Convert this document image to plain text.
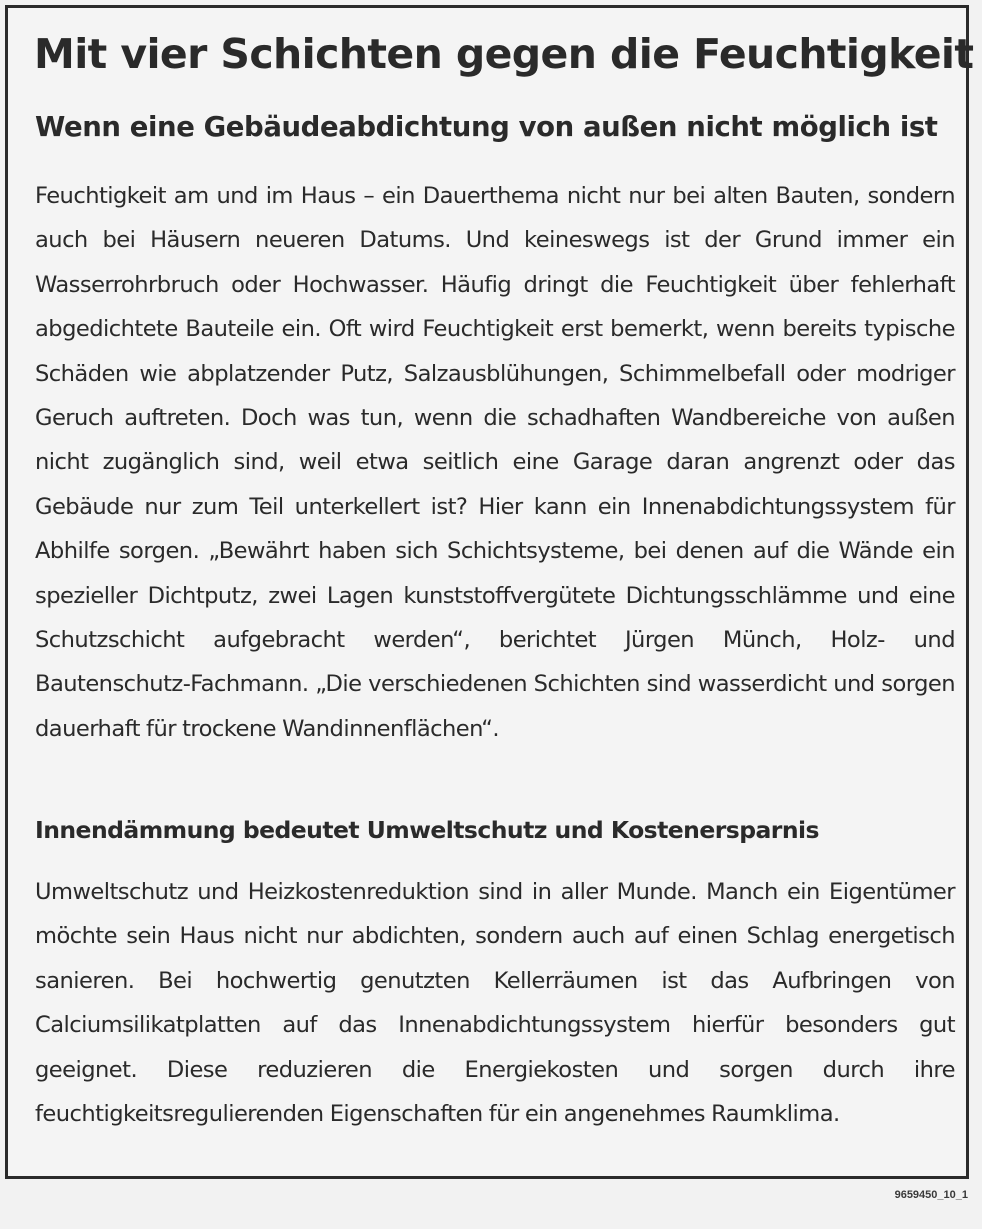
Mit vier Schichten gegen die Feuchtigkeit
Wenn eine Gebäudeabdichtung von außen nicht möglich ist

Feuchtigkeit am und im Haus – ein Dauerthema nicht nur bei alten Bauten, sondern auch bei Häusern neueren Datums. Und keineswegs ist der Grund immer ein Wasserrohrbruch oder Hochwasser. Häufig dringt die Feuchtigkeit über fehlerhaft abgedichtete Bauteile ein. Oft wird Feuchtigkeit erst bemerkt, wenn bereits typische Schäden wie abplatzender Putz, Salzausblühungen, Schimmelbefall oder modriger Geruch auftreten. Doch was tun, wenn die schadhaften Wandbereiche von außen nicht zugänglich sind, weil etwa seitlich eine Garage daran angrenzt oder das Gebäude nur zum Teil unterkellert ist? Hier kann ein Innenabdichtungssystem für Abhilfe sorgen. „Bewährt haben sich Schichtsysteme, bei denen auf die Wände ein spezieller Dichtputz, zwei Lagen kunststoffvergütete Dichtungsschlämme und eine Schutzschicht aufgebracht werden“, berichtet Jürgen Münch, Holz- und Bautenschutz-Fachmann. „Die verschiedenen Schichten sind wasserdicht und sorgen dauerhaft für trockene Wandinnenflächen“.

Innendämmung bedeutet Umweltschutz und Kostenersparnis

Umweltschutz und Heizkostenreduktion sind in aller Munde. Manch ein Eigentümer möchte sein Haus nicht nur abdichten, sondern auch auf einen Schlag energetisch sanieren. Bei hochwertig genutzten Kellerräumen ist das Aufbringen von Calciumsilikatplatten auf das Innenabdichtungssystem hierfür besonders gut geeignet. Diese reduzieren die Energiekosten und sorgen durch ihre feuchtigkeitsregulierenden Eigenschaften für ein angenehmes Raumklima.

9659450_10_1
